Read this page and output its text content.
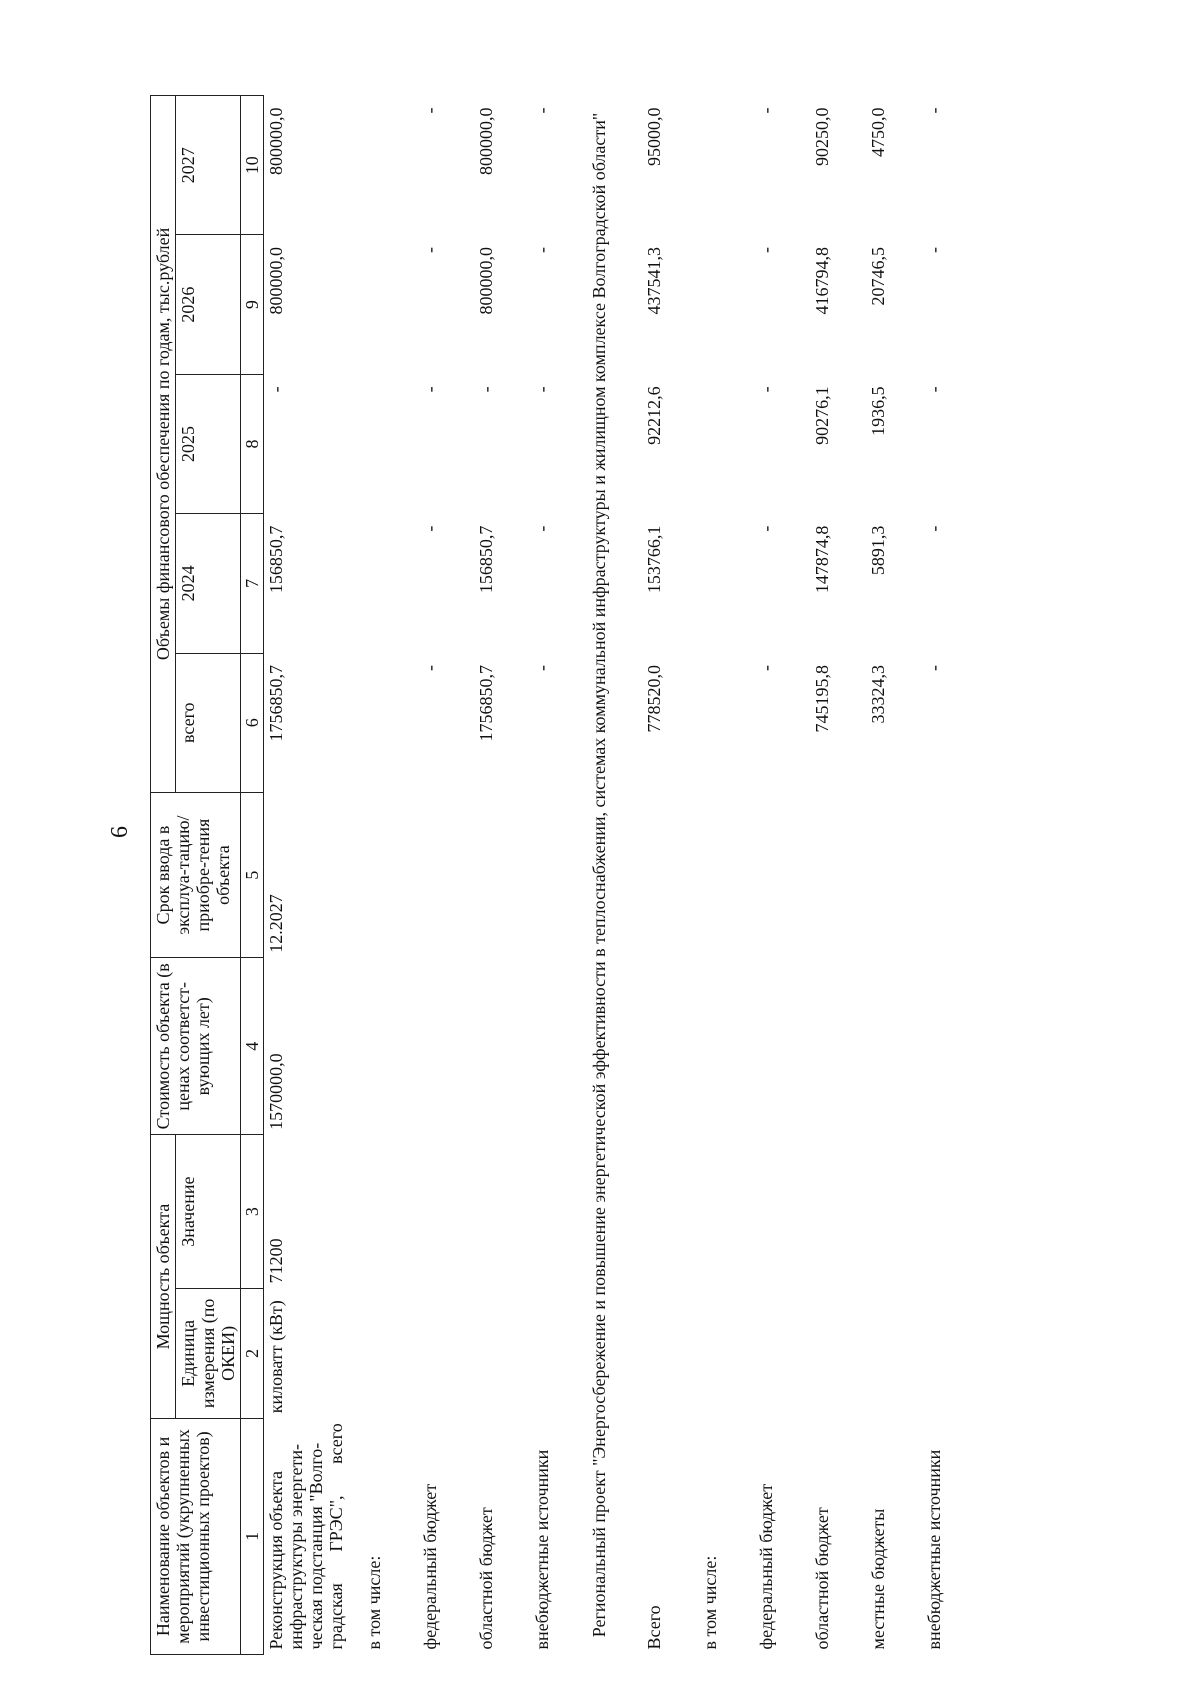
6
Наименование объектов и мероприятий (укрупненных инвестиционных проектов)	Мощность объекта		Стоимость объекта (в ценах соответст-вующих лет)	Срок ввода в эксплуа-тацию/ приобре-тения объекта	Объемы финансового обеспечения по годам, тыс.рублей				
	Единица измерения (по ОКЕИ)	Значение			всего	2024	2025	2026	2027
1	2	3	4	5	6	7	8	9	10
Реконструкция объекта инфраструктуры энергети-ческая подстанция "Волго-градская ГРЭС", всего	киловатт (кВт)	71200	1570000,0	12.2027	1756850,7	156850,7	-	800000,0	800000,0
в том числе:									
федеральный бюджет					-	-	-	-	-
областной бюджет					1756850,7	156850,7	-	800000,0	800000,0
внебюджетные источники					-	-	-	-	-
Региональный проект "Энергосбережение и повышение энергетической эффективности в теплоснабжении, системах коммунальной инфраструктуры и жилищном комплексе Волгоградской области"									
Всего					778520,0	153766,1	92212,6	437541,3	95000,0
в том числе:									
федеральный бюджет					-	-	-	-	-
областной бюджет					745195,8	147874,8	90276,1	416794,8	90250,0
местные бюджеты					33324,3	5891,3	1936,5	20746,5	4750,0
внебюджетные источники					-	-	-	-	-
